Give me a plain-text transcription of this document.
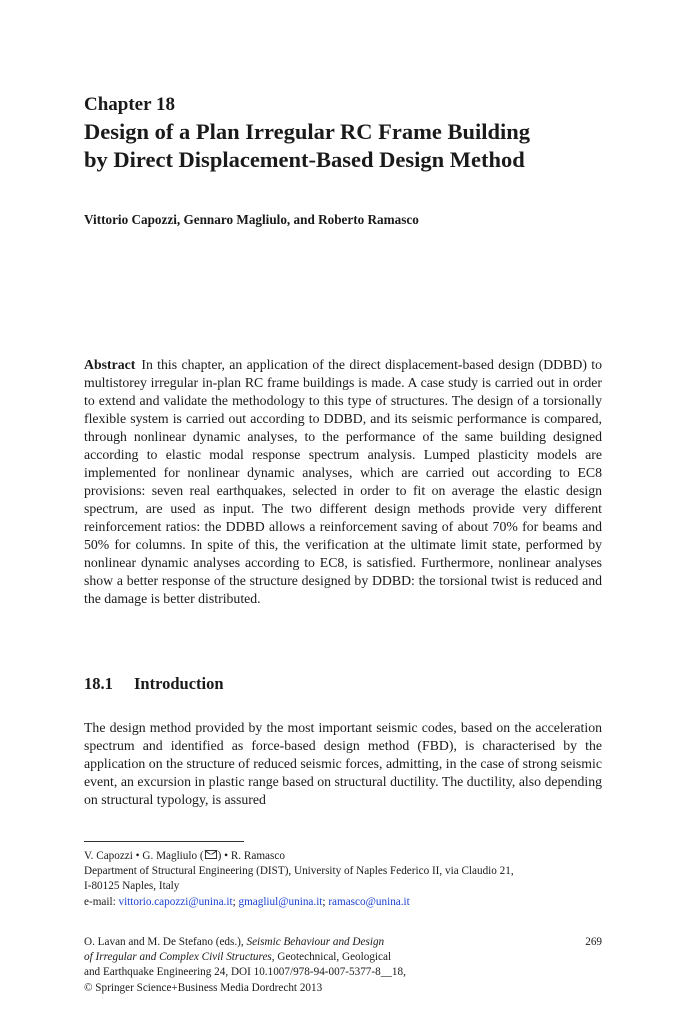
Chapter 18
Design of a Plan Irregular RC Frame Building
by Direct Displacement-Based Design Method
Vittorio Capozzi, Gennaro Magliulo, and Roberto Ramasco

Abstract In this chapter, an application of the direct displacement-based design (DDBD) to multistorey irregular in-plan RC frame buildings is made. A case study is carried out in order to extend and validate the methodology to this type of structures. The design of a torsionally flexible system is carried out according to DDBD, and its seismic performance is compared, through nonlinear dynamic analyses, to the performance of the same building designed according to elastic modal response spectrum analysis. Lumped plasticity models are implemented for nonlinear dynamic analyses, which are carried out according to EC8 provisions: seven real earthquakes, selected in order to fit on average the elastic design spectrum, are used as input. The two different design methods provide very different reinforcement ratios: the DDBD allows a reinforcement saving of about 70% for beams and 50% for columns. In spite of this, the verification at the ultimate limit state, performed by nonlinear dynamic analyses according to EC8, is satisfied. Furthermore, nonlinear analyses show a better response of the structure designed by DDBD: the torsional twist is reduced and the damage is better distributed.

18.1 Introduction

The design method provided by the most important seismic codes, based on the acceleration spectrum and identified as force-based design method (FBD), is characterised by the application on the structure of reduced seismic forces, admitting, in the case of strong seismic event, an excursion in plastic range based on structural ductility. The ductility, also depending on structural typology, is assured

V. Capozzi • G. Magliulo ( ) • R. Ramasco
Department of Structural Engineering (DIST), University of Naples Federico II, via Claudio 21,
I-80125 Naples, Italy
e-mail: vittorio.capozzi@unina.it; gmagliul@unina.it; ramasco@unina.it
O. Lavan and M. De Stefano (eds.), Seismic Behaviour and Design
of Irregular and Complex Civil Structures, Geotechnical, Geological
and Earthquake Engineering 24, DOI 10.1007/978-94-007-5377-8__18,
© Springer Science+Business Media Dordrecht 2013
269
